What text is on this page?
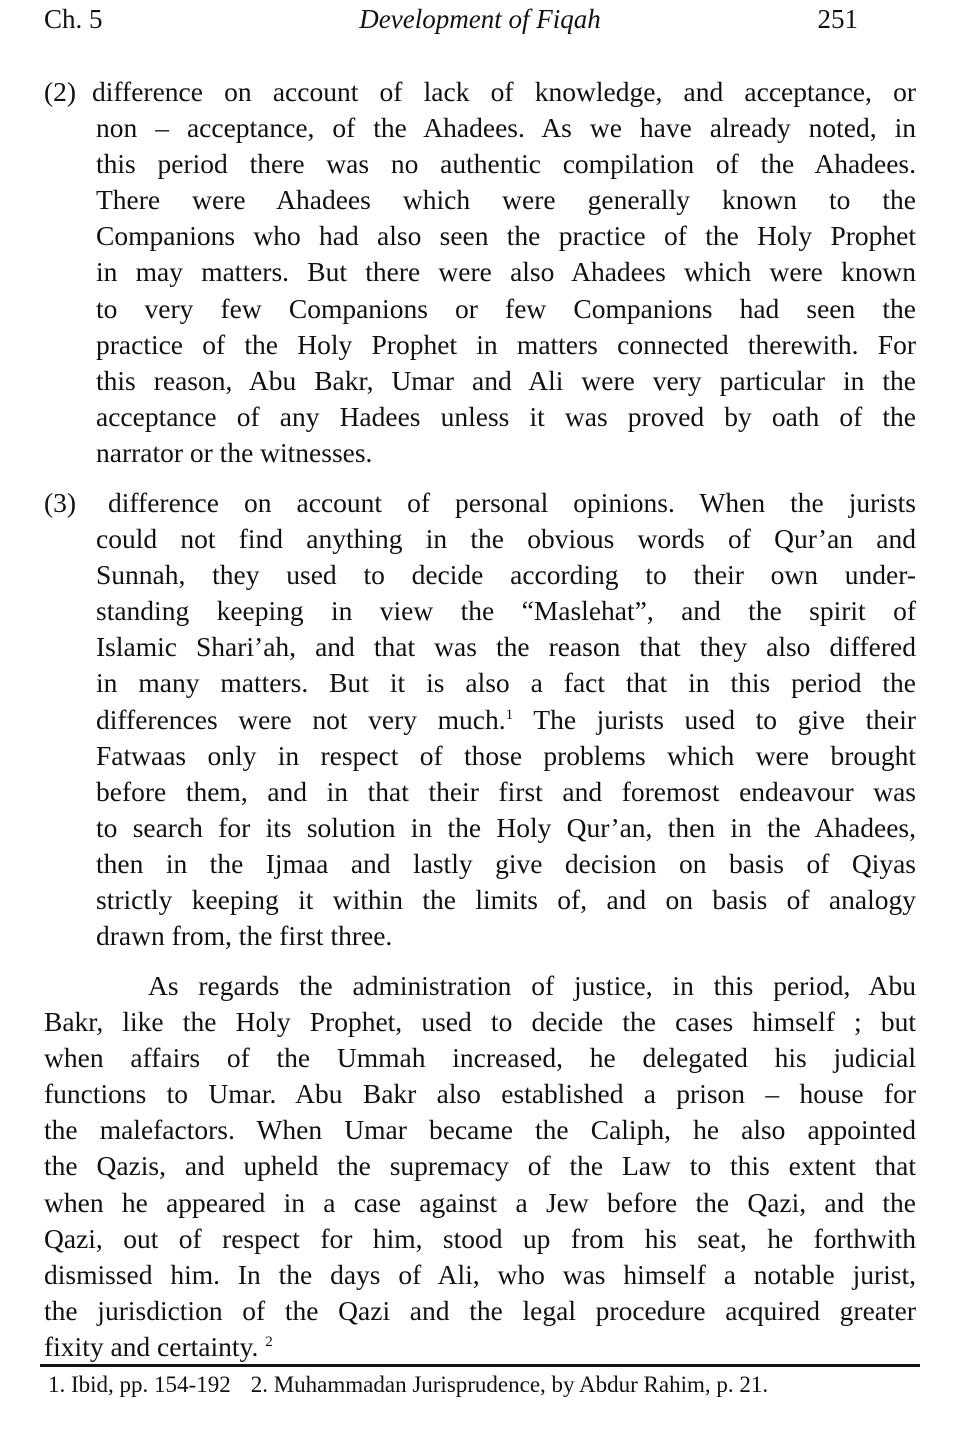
Ch. 5	Development of Fiqah	251
(2) difference on account of lack of knowledge, and acceptance, or
non – acceptance, of the Ahadees. As we have already noted, in
this period there was no authentic compilation of the Ahadees.
There were Ahadees which were generally known to the
Companions who had also seen the practice of the Holy Prophet
in may matters. But there were also Ahadees which were known
to very few Companions or few Companions had seen the
practice of the Holy Prophet in matters connected therewith. For
this reason, Abu Bakr, Umar and Ali were very particular in the
acceptance of any Hadees unless it was proved by oath of the
narrator or the witnesses.
(3)	difference on account of personal opinions. When the jurists
could not find anything in the obvious words of Qur’an and
Sunnah, they used to decide according to their own under-
standing keeping in view the “Maslehat”, and the spirit of
Islamic Shari’ah, and that was the reason that they also differed
in many matters. But it is also a fact that in this period the
differences were not very much.$^1$ The jurists used to give their
Fatwaas only in respect of those problems which were brought
before them, and in that their first and foremost endeavour was
to search for its solution in the Holy Qur’an, then in the Ahadees,
then in the Ijmaa and lastly give decision on basis of Qiyas
strictly keeping it within the limits of, and on basis of analogy
drawn from, the first three.
As regards the administration of justice, in this period, Abu
Bakr, like the Holy Prophet, used to decide the cases himself ; but
when affairs of the Ummah increased, he delegated his judicial
functions to Umar. Abu Bakr also established a prison – house for
the malefactors. When Umar became the Caliph, he also appointed
the Qazis, and upheld the supremacy of the Law to this extent that
when he appeared in a case against a Jew before the Qazi, and the
Qazi, out of respect for him, stood up from his seat, he forthwith
dismissed him. In the days of Ali, who was himself a notable jurist,
the jurisdiction of the Qazi and the legal procedure acquired greater
fixity and certainty. $^2$
1. Ibid, pp. 154-192 2. Muhammadan Jurisprudence, by Abdur Rahim, p. 21.
